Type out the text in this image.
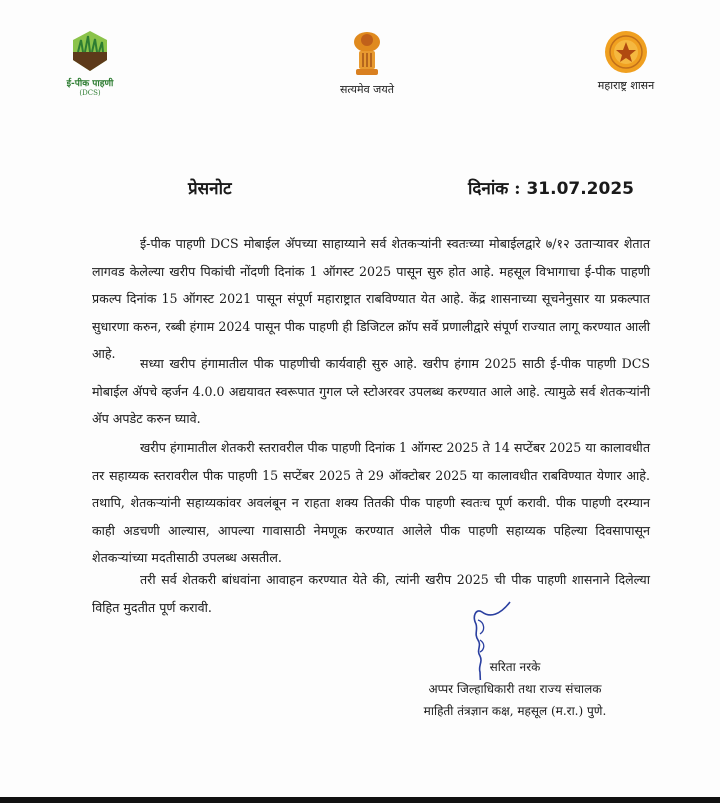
ई-पीक पाहणी
(DCS)	सत्यमेव जयते	महाराष्ट्र शासन
प्रेसनोट	दिनांक : 31.07.2025

ई-पीक पाहणी DCS मोबाईल ॲपच्या साहाय्याने सर्व शेतकऱ्यांनी स्वतःच्या मोबाईलद्वारे ७/१२ उताऱ्यावर शेतात लागवड केलेल्या खरीप पिकांची नोंदणी दिनांक 1 ऑगस्ट 2025 पासून सुरु होत आहे. महसूल विभागाचा ई-पीक पाहणी प्रकल्प दिनांक 15 ऑगस्ट 2021 पासून संपूर्ण महाराष्ट्रात राबविण्यात येत आहे. केंद्र शासनाच्या सूचनेनुसार या प्रकल्पात सुधारणा करुन, रब्बी हंगाम 2024 पासून पीक पाहणी ही डिजिटल क्रॉप सर्वे प्रणालीद्वारे संपूर्ण राज्यात लागू करण्यात आली आहे.

सध्या खरीप हंगामातील पीक पाहणीची कार्यवाही सुरु आहे. खरीप हंगाम 2025 साठी ई-पीक पाहणी DCS मोबाईल ॲपचे व्हर्जन 4.0.0 अद्ययावत स्वरूपात गुगल प्ले स्टोअरवर उपलब्ध करण्यात आले आहे. त्यामुळे सर्व शेतकऱ्यांनी ॲप अपडेट करुन घ्यावे.

खरीप हंगामातील शेतकरी स्तरावरील पीक पाहणी दिनांक 1 ऑगस्ट 2025 ते 14 सप्टेंबर 2025 या कालावधीत तर सहाय्यक स्तरावरील पीक पाहणी 15 सप्टेंबर 2025 ते 29 ऑक्टोबर 2025 या कालावधीत राबविण्यात येणार आहे. तथापि, शेतकऱ्यांनी सहाय्यकांवर अवलंबून न राहता शक्य तितकी पीक पाहणी स्वतःच पूर्ण करावी. पीक पाहणी दरम्यान काही अडचणी आल्यास, आपल्या गावासाठी नेमणूक करण्यात आलेले पीक पाहणी सहाय्यक पहिल्या दिवसापासून शेतकऱ्यांच्या मदतीसाठी उपलब्ध असतील.

तरी सर्व शेतकरी बांधवांना आवाहन करण्यात येते की, त्यांनी खरीप 2025 ची पीक पाहणी शासनाने दिलेल्या विहित मुदतीत पूर्ण करावी.

सरिता नरके
अप्पर जिल्हाधिकारी तथा राज्य संचालक
माहिती तंत्रज्ञान कक्ष, महसूल (म.रा.) पुणे.
